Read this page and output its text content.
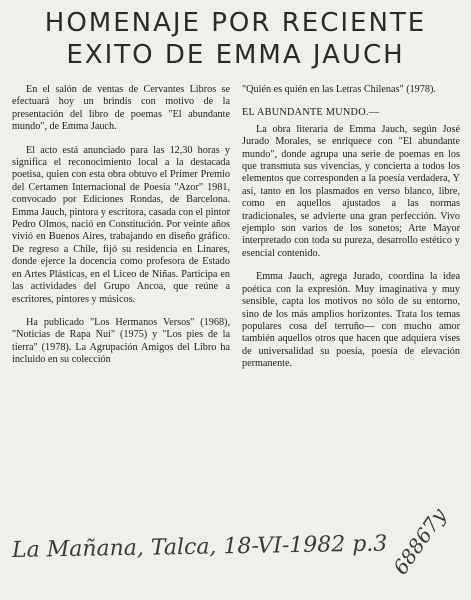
HOMENAJE POR RECIENTE
EXITO DE EMMA JAUCH

En el salón de ventas de Cervantes Libros se efectuará hoy un brindis con motivo de la presentación del libro de poemas "El abundante mundo", de Emma Jauch.

El acto está anunciado para las 12,30 horas y significa el reconocimiento local a la destacada poetisa, quien con esta obra obtuvo el Primer Premio del Certamen Internacional de Poesía "Azor" 1981, convocado por Ediciones Rondas, de Barcelona. Emma Jauch, pintora y escritora, casada con el pintor Pedro Olmos, nació en Constitución. Por veinte años vivió en Buenos Aires, trabajando en diseño gráfico. De regreso a Chile, fijó su residencia en Linares, donde ejerce la docencia como profesora de Estado en Artes Plásticas, en el Liceo de Niñas. Participa en las actividades del Grupo Ancoa, que reúne a escritores, pintores y músicos.

Ha publicado "Los Hermanos Versos" (1968), "Noticias de Rapa Nui" (1975) y "Los pies de la tierra" (1978). La Agrupación Amigos del Libro ha incluido en su colección

"Quién es quién en las Letras Chilenas" (1978).

EL ABUNDANTE MUNDO.—

La obra literaria de Emma Jauch, según José Jurado Morales, se enriquece con "El abundante mundo", donde agrupa una serie de poemas en los que transmuta sus vivencias, y concierta a todos los elementos que corresponden a la poesía verdadera, Y así, tanto en los plasmados en verso blanco, libre, como en aquellos ajustados a las normas tradicionales, se advierte una gran perfección. Vivo ejemplo son varios de los sonetos; Arte Mayor interpretado con toda su pureza, desarrollo estético y esencial contenido.

Emma Jauch, agrega Jurado, coordina la idea poética con la expresión. Muy imaginativa y muy sensible, capta los motivos no sólo de su entorno, sino de los más amplios horizontes. Trata los temas populares cosa del terruño— con mucho amor también aquellos otros que hacen que adquiera vises de universalidad su poesía, poesía de elevación permanente.

La Mañana, Talca, 18-VI-1982 p.3 68867y
